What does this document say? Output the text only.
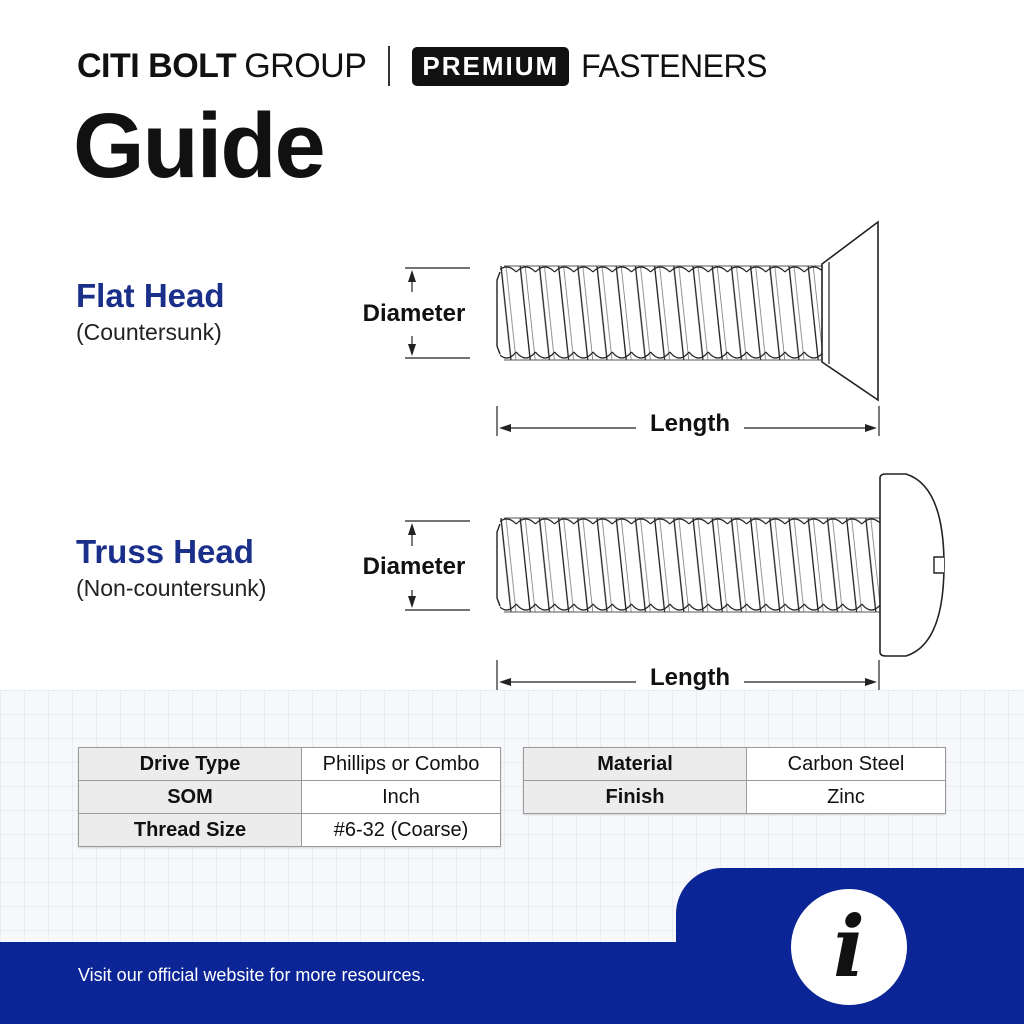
CITI BOLT GROUP	PREMIUM FASTENERS
Guide
Flat Head
(Countersunk)
Truss Head
(Non-countersunk)
Diameter
Length
Diameter
Length
Drive Type	Phillips or Combo
SOM	Inch
Thread Size	#6-32 (Coarse)
Material	Carbon Steel
Finish	Zinc
Visit our official website for more resources.	i
